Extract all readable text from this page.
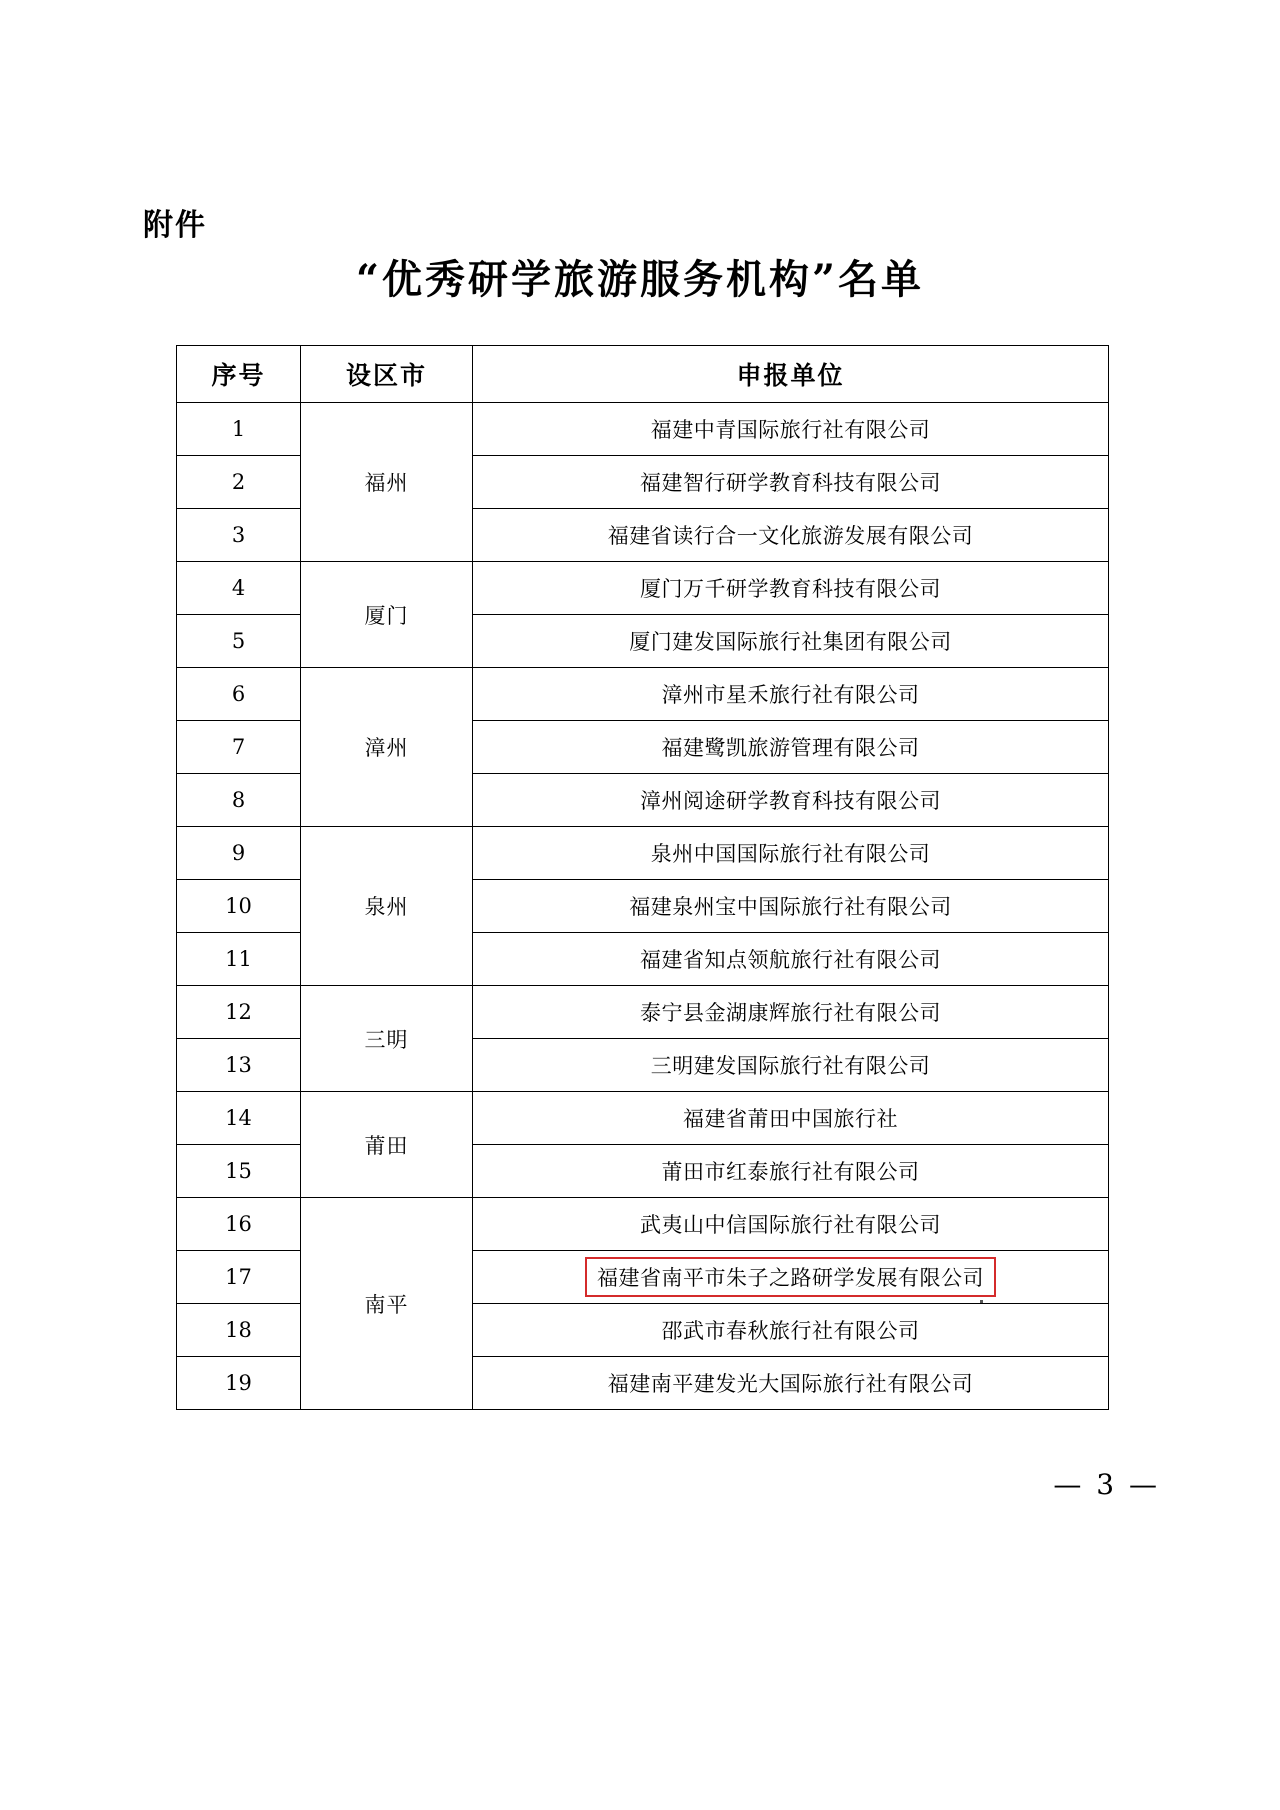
附件
“优秀研学旅游服务机构”名单
序号	设区市	申报单位
1	福州	福建中青国际旅行社有限公司
2		福建智行研学教育科技有限公司
3		福建省读行合一文化旅游发展有限公司
4	厦门	厦门万千研学教育科技有限公司
5		厦门建发国际旅行社集团有限公司
6	漳州	漳州市星禾旅行社有限公司
7		福建鹭凯旅游管理有限公司
8		漳州阅途研学教育科技有限公司
9	泉州	泉州中国国际旅行社有限公司
10		福建泉州宝中国际旅行社有限公司
11		福建省知点领航旅行社有限公司
12	三明	泰宁县金湖康辉旅行社有限公司
13		三明建发国际旅行社有限公司
14	莆田	福建省莆田中国旅行社
15		莆田市红泰旅行社有限公司
16	南平	武夷山中信国际旅行社有限公司
17		福建省南平市朱子之路研学发展有限公司
18		邵武市春秋旅行社有限公司
19		福建南平建发光大国际旅行社有限公司
— 3 —
